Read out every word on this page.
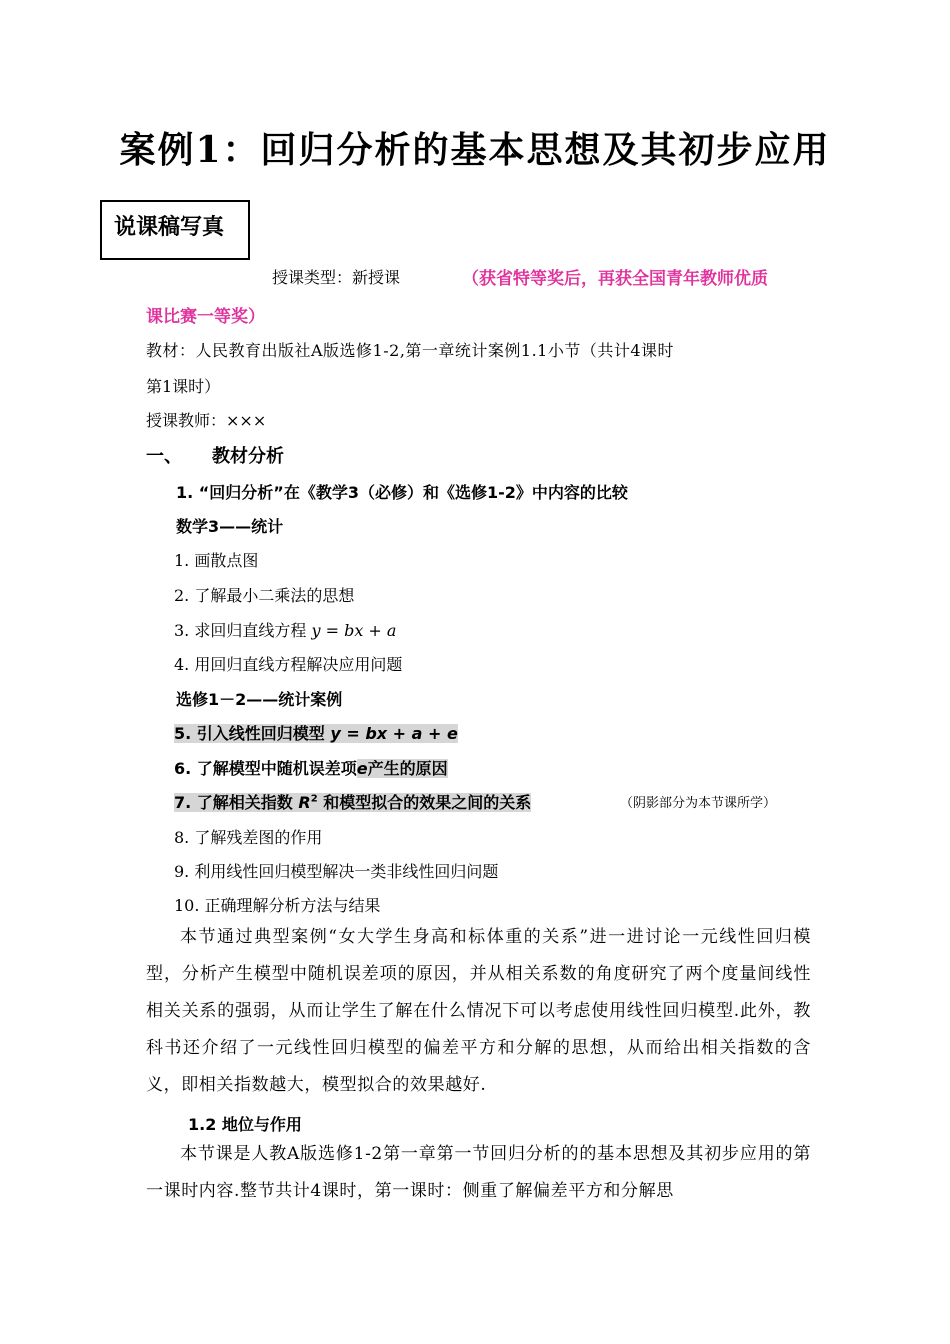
案例1：回归分析的基本思想及其初步应用
说课稿写真
授课类型：新授课	（获省特等奖后，再获全国青年教师优质
课比赛一等奖）
教材：人民教育出版社A版选修1-2,第一章统计案例1.1小节（共计4课时
第1课时）
授课教师：×××
一、 教材分析
1. “回归分析”在《教学3（必修）和《选修1-2》中内容的比较
数学3——统计
1. 画散点图
2. 了解最小二乘法的思想
3. 求回归直线方程 y = bx + a
4. 用回归直线方程解决应用问题
选修1－2——统计案例
5. 引入线性回归模型 y = bx + a + e
6. 了解模型中随机误差项e产生的原因
7. 了解相关指数 $R^2$ 和模型拟合的效果之间的关系	（阴影部分为本节课所学）
8. 了解残差图的作用
9. 利用线性回归模型解决一类非线性回归问题
10. 正确理解分析方法与结果
本节通过典型案例“女大学生身高和标体重的关系”进一进讨论一元线性回归模型，分析产生模型中随机误差项的原因，并从相关系数的角度研究了两个度量间线性相关关系的强弱，从而让学生了解在什么情况下可以考虑使用线性回归模型.此外，教科书还介绍了一元线性回归模型的偏差平方和分解的思想，从而给出相关指数的含义，即相关指数越大，模型拟合的效果越好.
1.2 地位与作用
本节课是人教A版选修1-2第一章第一节回归分析的的基本思想及其初步应用的第一课时内容.整节共计4课时，第一课时：侧重了解偏差平方和分解思
